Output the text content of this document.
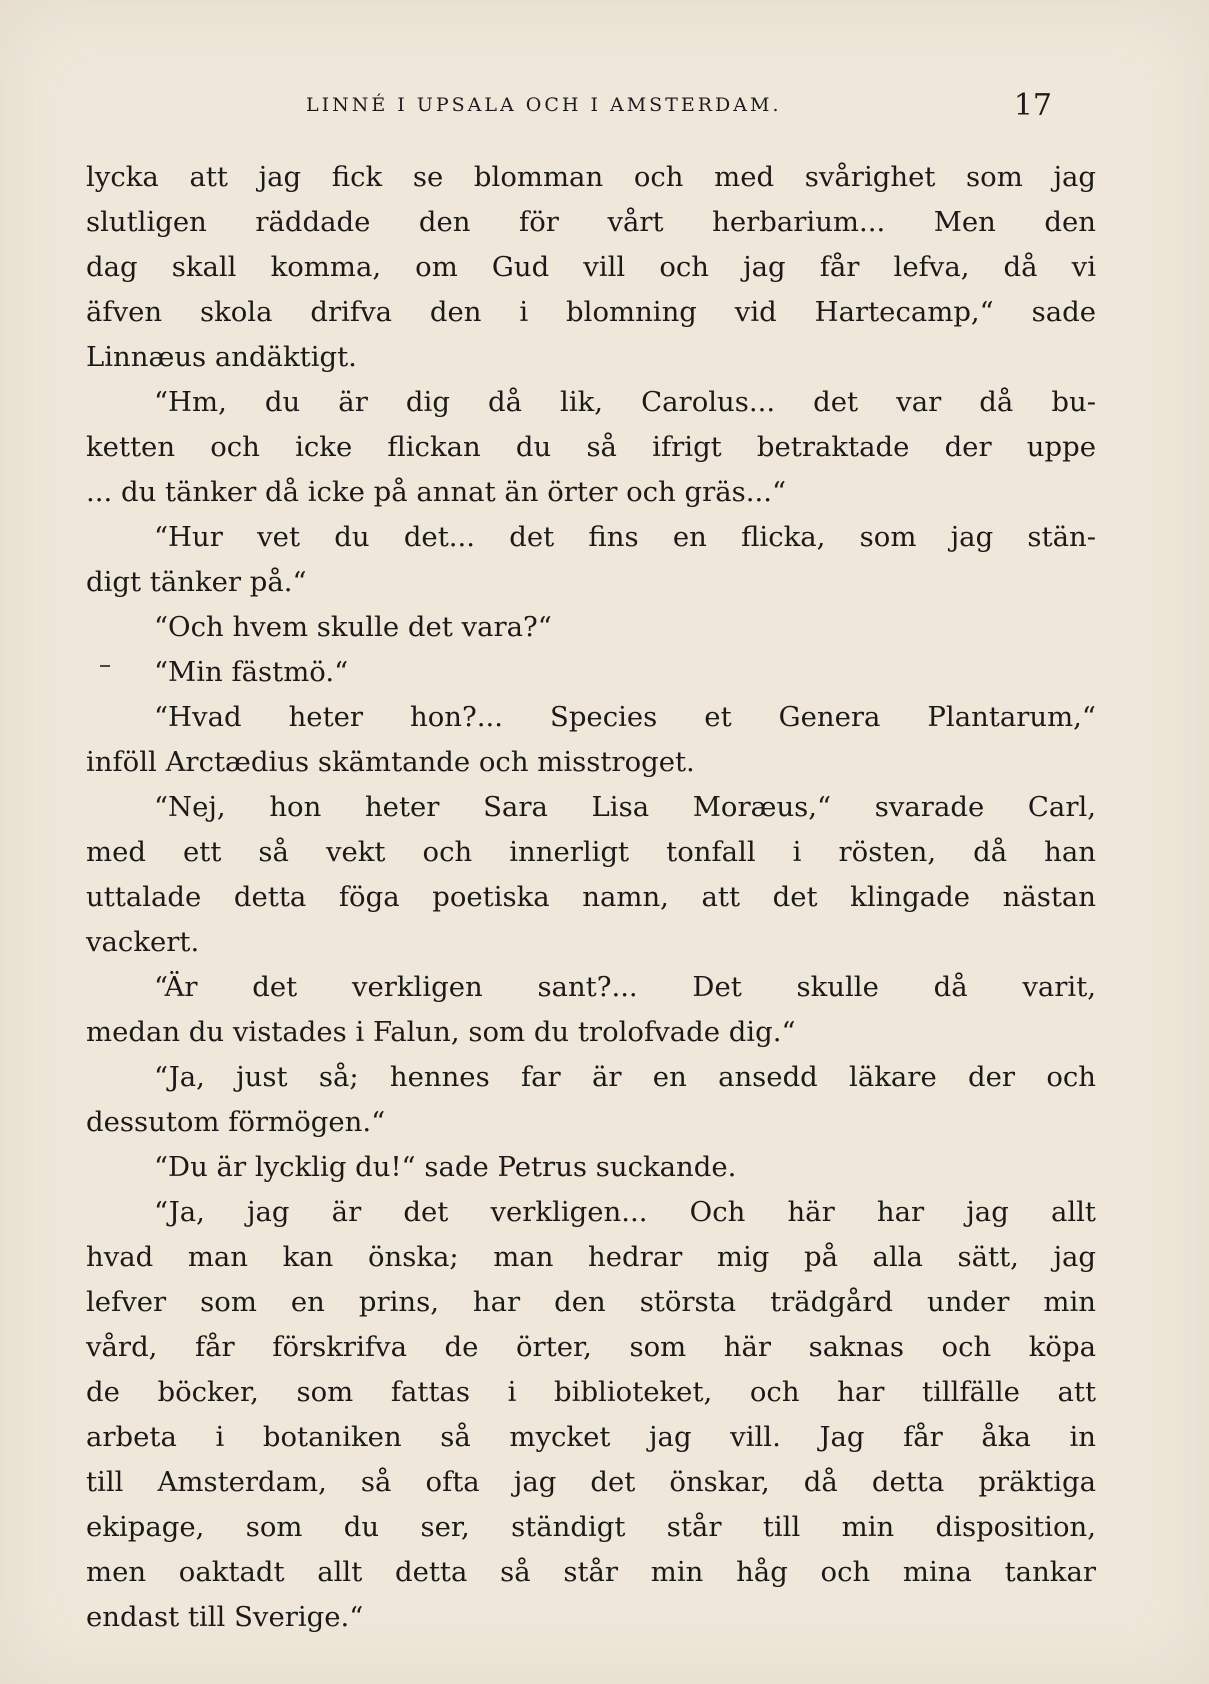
LINNÉ I UPSALA OCH I AMSTERDAM.	17
lycka att jag fick se blomman och med svårighet som jag
slutligen räddade den för vårt herbarium... Men den
dag skall komma, om Gud vill och jag får lefva, då vi
äfven skola drifva den i blomning vid Hartecamp,“ sade
Linnæus andäktigt.
“Hm, du är dig då lik, Carolus... det var då bu-
ketten och icke flickan du så ifrigt betraktade der uppe
... du tänker då icke på annat än örter och gräs...“
“Hur vet du det... det fins en flicka, som jag stän-
digt tänker på.“
“Och hvem skulle det vara?“
“Min fästmö.“
“Hvad heter hon?... Species et Genera Plantarum,“
inföll Arctædius skämtande och misstroget.
“Nej, hon heter Sara Lisa Moræus,“ svarade Carl,
med ett så vekt och innerligt tonfall i rösten, då han
uttalade detta föga poetiska namn, att det klingade nästan
vackert.
“Är det verkligen sant?... Det skulle då varit,
medan du vistades i Falun, som du trolofvade dig.“
“Ja, just så; hennes far är en ansedd läkare der och
dessutom förmögen.“
“Du är lycklig du!“ sade Petrus suckande.
“Ja, jag är det verkligen... Och här har jag allt
hvad man kan önska; man hedrar mig på alla sätt, jag
lefver som en prins, har den största trädgård under min
vård, får förskrifva de örter, som här saknas och köpa
de böcker, som fattas i biblioteket, och har tillfälle att
arbeta i botaniken så mycket jag vill. Jag får åka in
till Amsterdam, så ofta jag det önskar, då detta präktiga
ekipage, som du ser, ständigt står till min disposition,
men oaktadt allt detta så står min håg och mina tankar
endast till Sverige.“
